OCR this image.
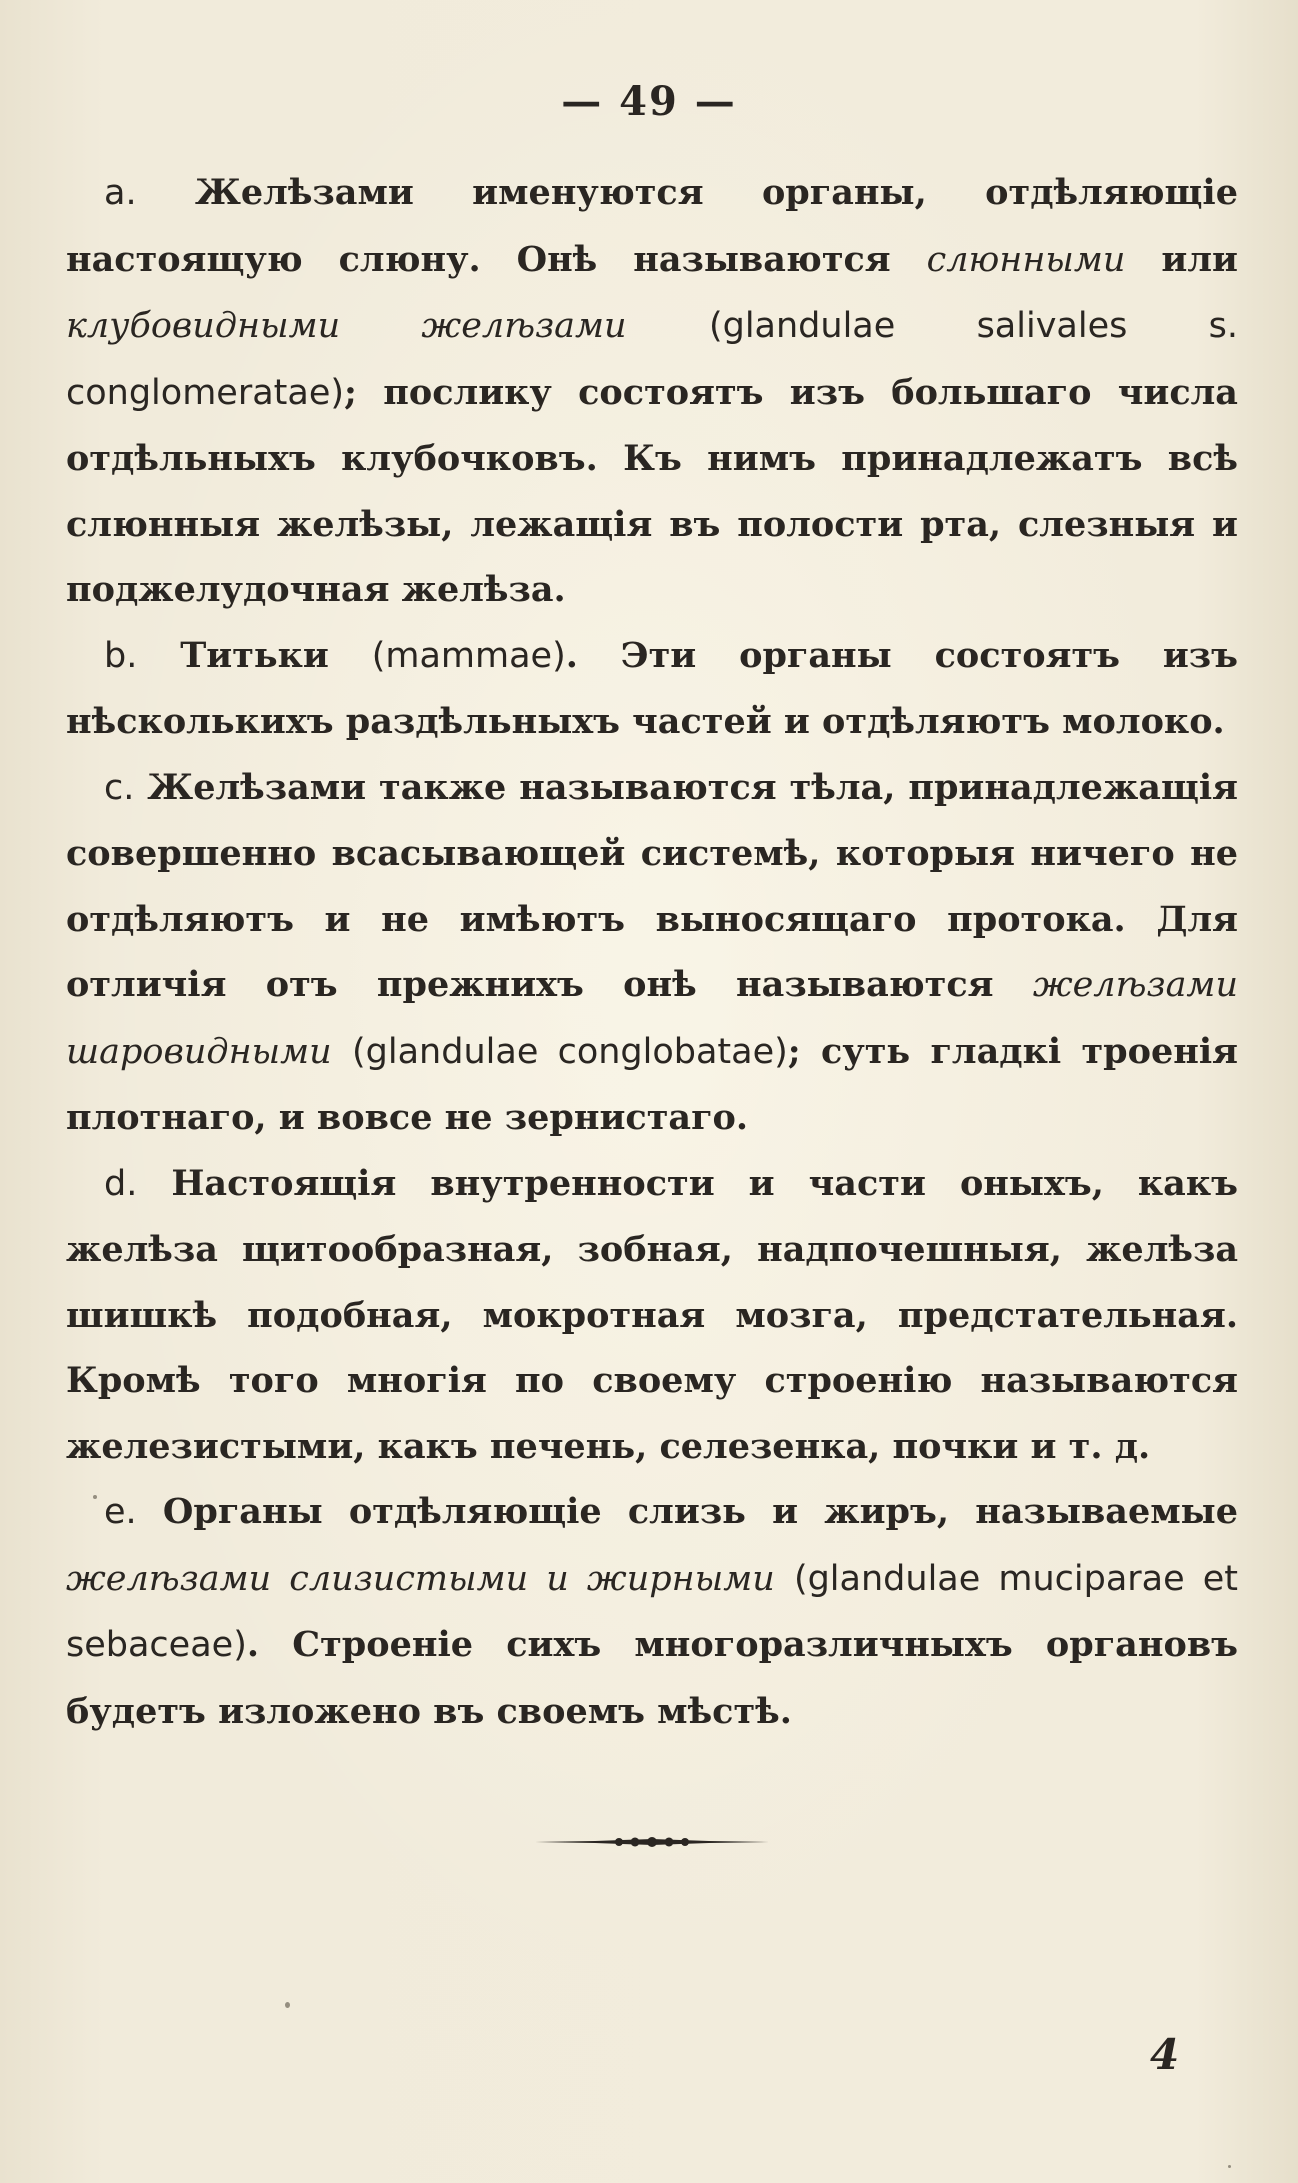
— 49 —

a. Желѣзами именуются органы, отдѣляющіе настоящую слюну. Онѣ называются слюнными или клубовидными желѣзами (glandulae salivales s. conglomeratae); послику состоятъ изъ большаго числа отдѣльныхъ клубочковъ. Къ нимъ принадлежатъ всѣ слюнныя желѣзы, лежащія въ полости рта, слезныя и поджелудочная желѣза.

b. Титьки (mammae). Эти органы состоятъ изъ нѣсколькихъ раздѣльныхъ частей и отдѣляютъ молоко.

c. Желѣзами также называются тѣла, принадлежащія совершенно всасывающей системѣ, которыя ничего не отдѣляютъ и не имѣютъ выносящаго протока. Для отличія отъ прежнихъ онѣ называются желѣзами шаровидными (glandulae conglobatae); суть гладкі троенія плотнаго, и вовсе не зернистаго.

d. Настоящія внутренности и части оныхъ, какъ желѣза щитообразная, зобная, надпочешныя, желѣза шишкѣ подобная, мокротная мозга, предстательная. Кромѣ того многія по своему строенію называются железистыми, какъ печень, селезенка, почки и т. д.

e. Органы отдѣляющіе слизь и жиръ, называемые желѣзами слизистыми и жирными (glandulae muciparae et sebaceae). Строеніе сихъ многоразличныхъ органовъ будетъ изложено въ своемъ мѣстѣ.

4
